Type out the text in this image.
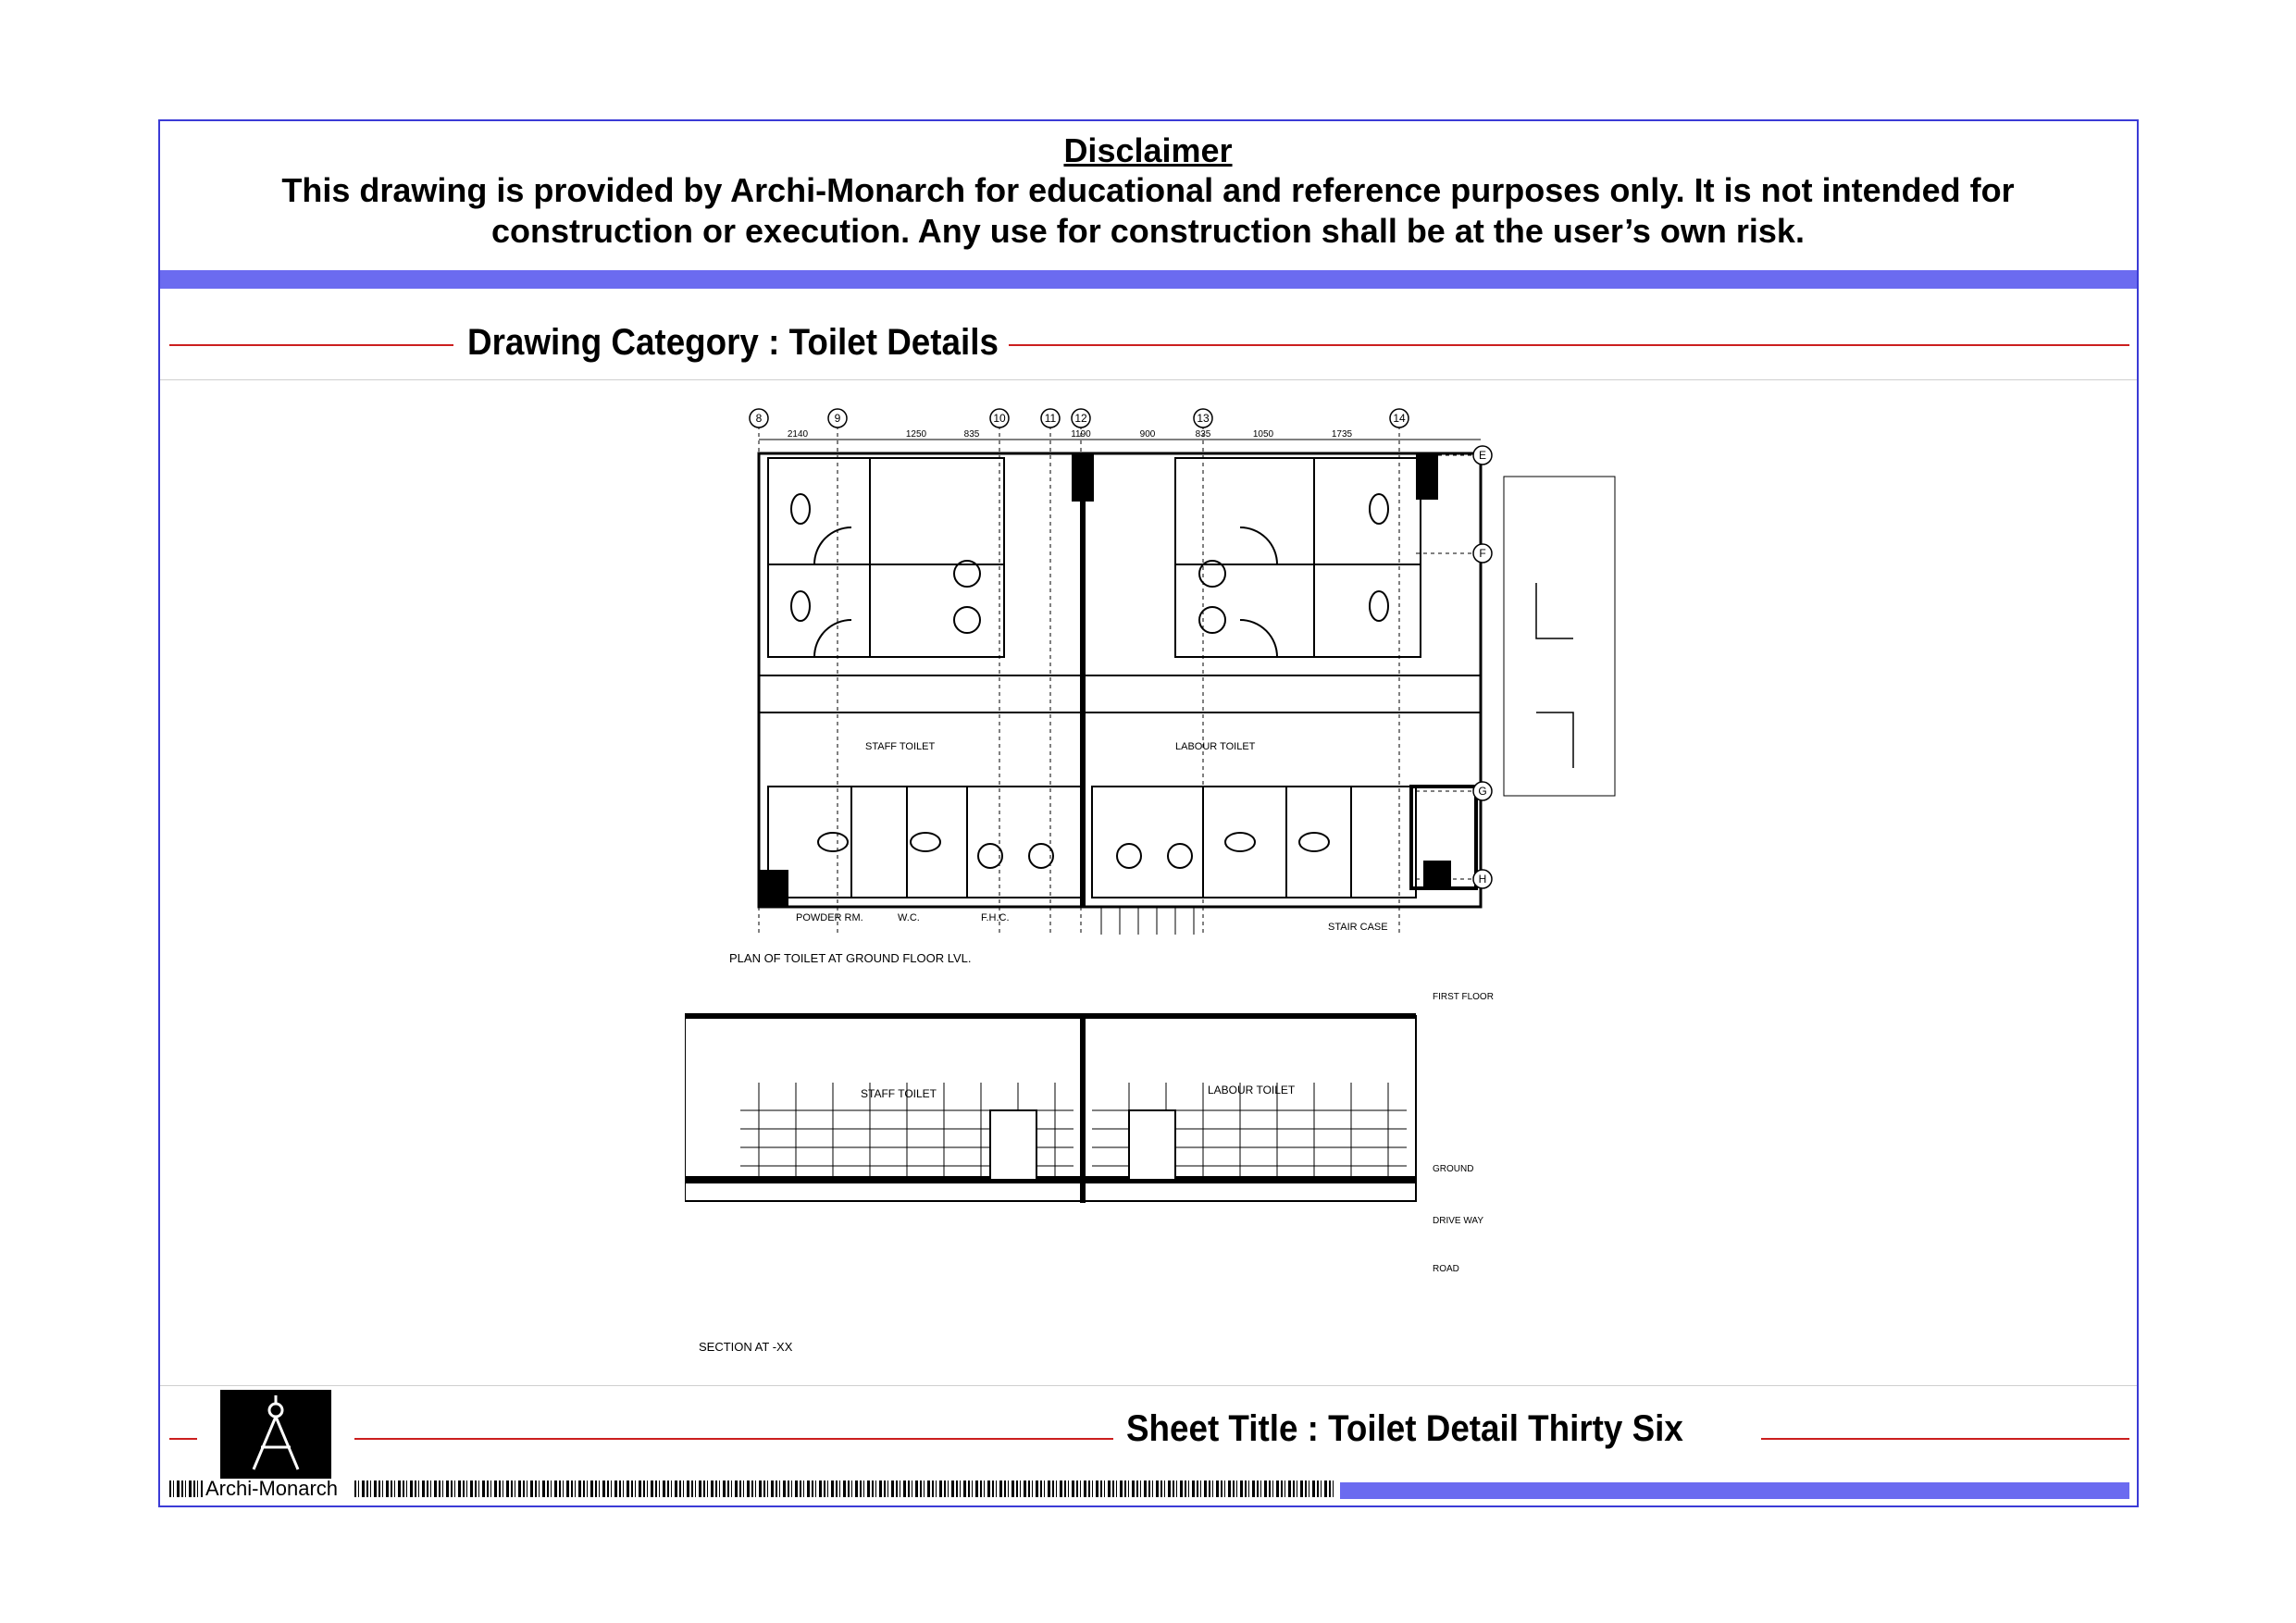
Disclaimer
This drawing is provided by Archi-Monarch for educational and reference purposes only. It is not intended for
construction or execution. Any use for construction shall be at the user’s own risk.
Drawing Category : Toilet Details
8	9	10	11 12	13	14
E
F
G
H
2140	1250	835	1190	900	835	1050	1735
STAFF TOILET	LABOUR TOILET
POWDER RM.	W.C.	F.H.C.
STAIR CASE
PLAN OF TOILET AT GROUND FLOOR LVL.
STAFF TOILET	LABOUR TOILET
FIRST FLOOR
GROUND
DRIVE WAY
ROAD
SECTION AT -XX
Archi-Monarch
Sheet Title : Toilet Detail Thirty Six
